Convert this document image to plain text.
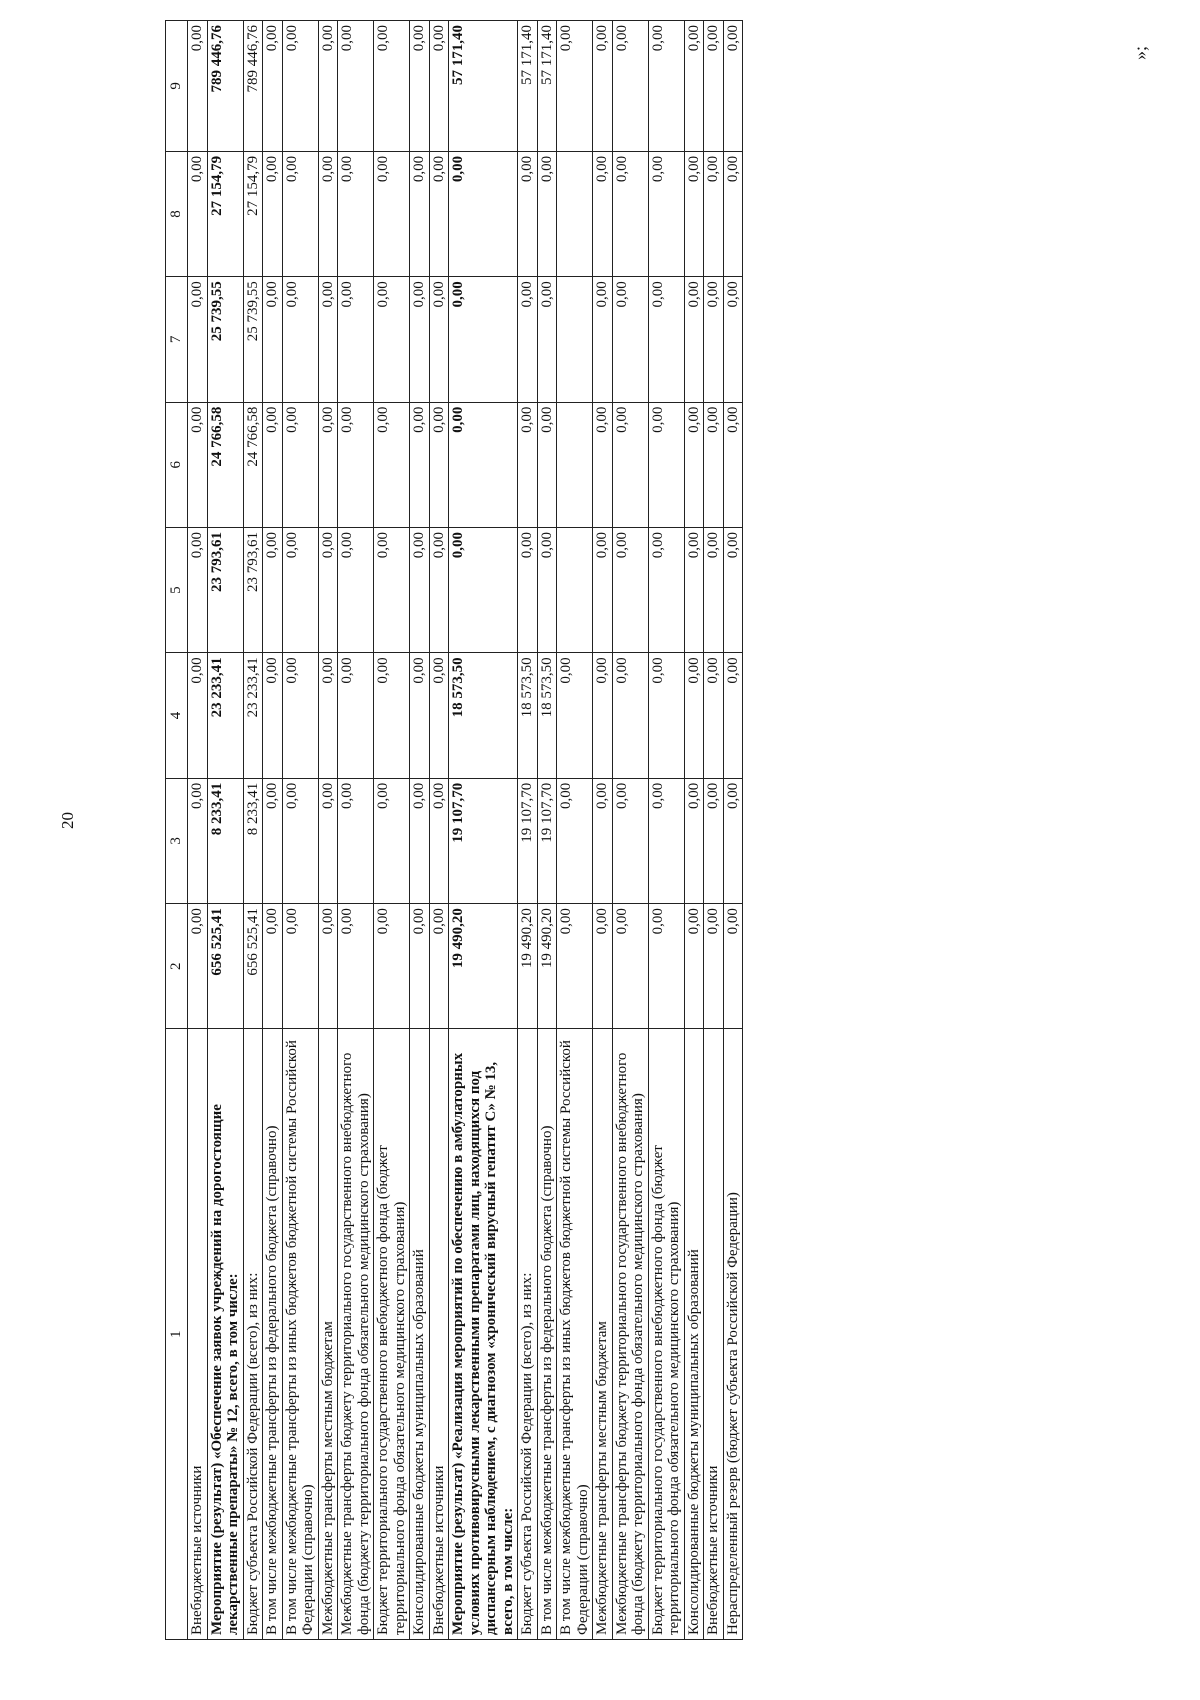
20
1	2	3	4	5	6	7	8	9
Внебюджетные источники	0,00	0,00	0,00	0,00	0,00	0,00	0,00	0,00
Мероприятие (результат) «Обеспечение заявок учреждений на дорогостоящие лекарственные препараты» № 12, всего, в том числе:	656 525,41	8 233,41	23 233,41	23 793,61	24 766,58	25 739,55	27 154,79	789 446,76
Бюджет субъекта Российской Федерации (всего), из них:	656 525,41	8 233,41	23 233,41	23 793,61	24 766,58	25 739,55	27 154,79	789 446,76
В том числе межбюджетные трансферты из федерального бюджета (справочно)	0,00	0,00	0,00	0,00	0,00	0,00	0,00	0,00
В том числе межбюджетные трансферты из иных бюджетов бюджетной системы Российской Федерации (справочно)	0,00	0,00	0,00	0,00	0,00	0,00	0,00	0,00
Межбюджетные трансферты местным бюджетам	0,00	0,00	0,00	0,00	0,00	0,00	0,00	0,00
Межбюджетные трансферты бюджету территориального государственного внебюджетного фонда (бюджету территориального фонда обязательного медицинского страхования)	0,00	0,00	0,00	0,00	0,00	0,00	0,00	0,00
Бюджет территориального государственного внебюджетного фонда (бюджет территориального фонда обязательного медицинского страхования)	0,00	0,00	0,00	0,00	0,00	0,00	0,00	0,00
Консолидированные бюджеты муниципальных образований	0,00	0,00	0,00	0,00	0,00	0,00	0,00	0,00
Внебюджетные источники	0,00	0,00	0,00	0,00	0,00	0,00	0,00	0,00
Мероприятие (результат) «Реализация мероприятий по обеспечению в амбулаторных условиях противовирусными лекарственными препаратами лиц, находящихся под диспансерным наблюдением, с диагнозом «хронический вирусный гепатит С» № 13, всего, в том числе:	19 490,20	19 107,70	18 573,50	0,00	0,00	0,00	0,00	57 171,40
Бюджет субъекта Российской Федерации (всего), из них:	19 490,20	19 107,70	18 573,50	0,00	0,00	0,00	0,00	57 171,40
В том числе межбюджетные трансферты из федерального бюджета (справочно)	19 490,20	19 107,70	18 573,50	0,00	0,00	0,00	0,00	57 171,40
В том числе межбюджетные трансферты из иных бюджетов бюджетной системы Российской Федерации (справочно)	0,00	0,00	0,00					0,00
Межбюджетные трансферты местным бюджетам	0,00	0,00	0,00	0,00	0,00	0,00	0,00	0,00
Межбюджетные трансферты бюджету территориального государственного внебюджетного фонда (бюджету территориального фонда обязательного медицинского страхования)	0,00	0,00	0,00	0,00	0,00	0,00	0,00	0,00
Бюджет территориального государственного внебюджетного фонда (бюджет территориального фонда обязательного медицинского страхования)	0,00	0,00	0,00	0,00	0,00	0,00	0,00	0,00
Консолидированные бюджеты муниципальных образований	0,00	0,00	0,00	0,00	0,00	0,00	0,00	0,00
Внебюджетные источники	0,00	0,00	0,00	0,00	0,00	0,00	0,00	0,00
Нераспределенный резерв (бюджет субъекта Российской Федерации)	0,00	0,00	0,00	0,00	0,00	0,00	0,00	0,00
»;
